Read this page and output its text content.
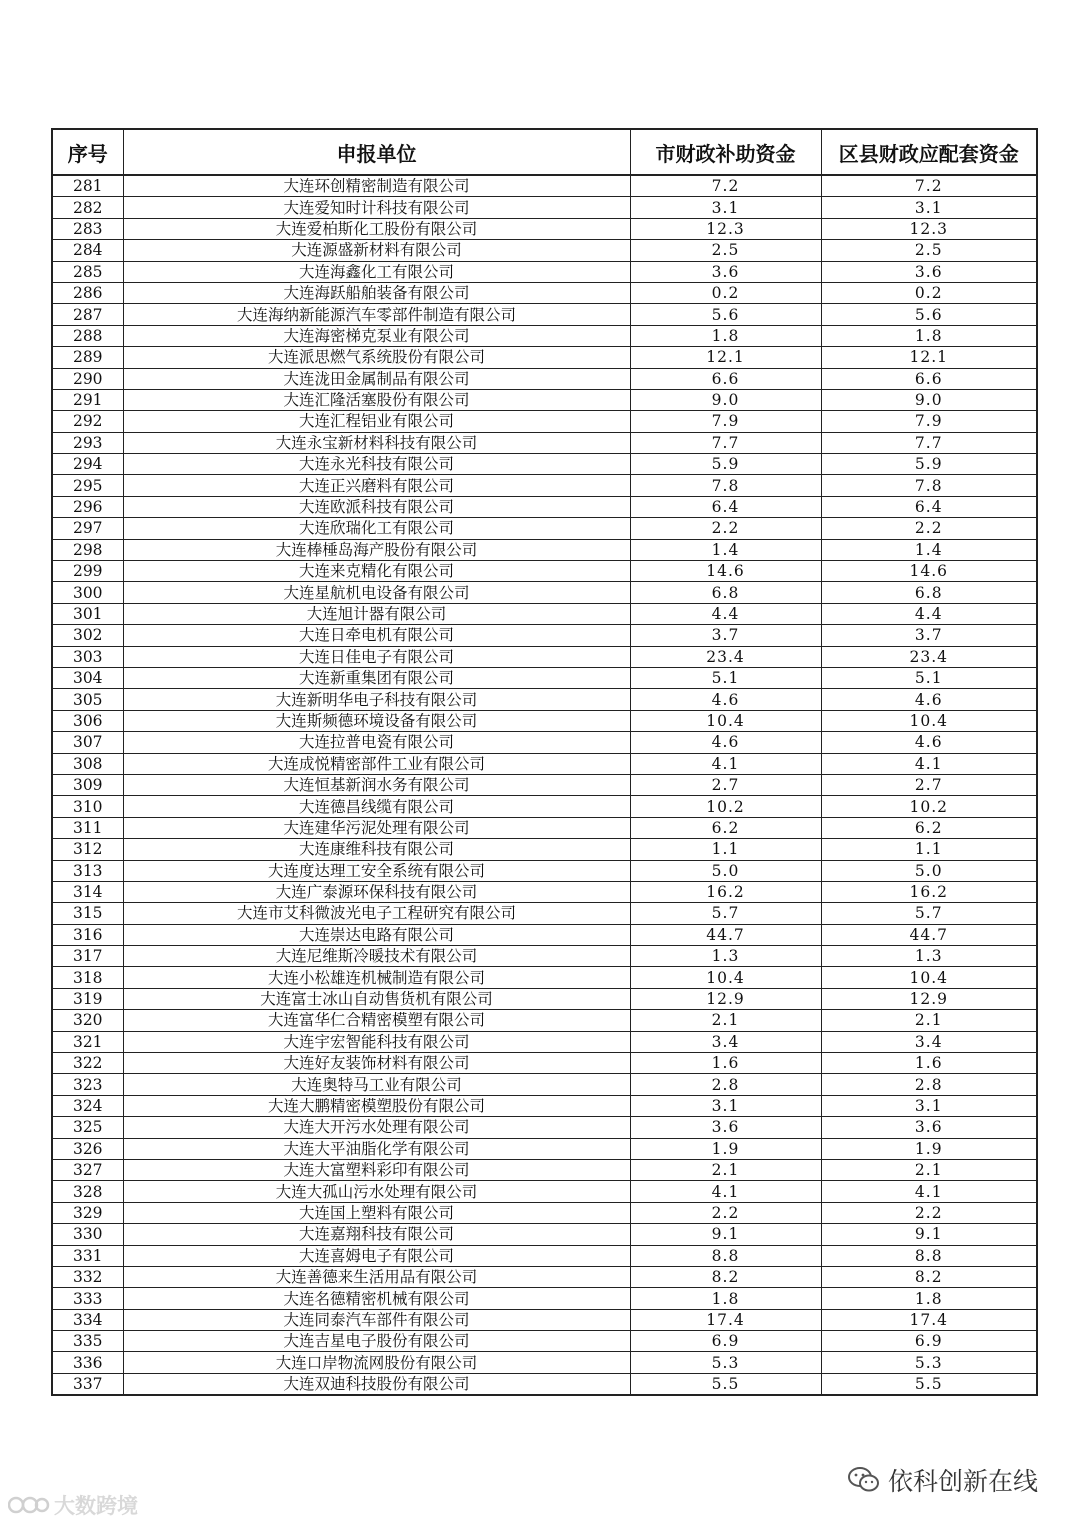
序号	申报单位	市财政补助资金	区县财政应配套资金
281	大连环创精密制造有限公司	7.2	7.2
282	大连爱知时计科技有限公司	3.1	3.1
283	大连爱柏斯化工股份有限公司	12.3	12.3
284	大连源盛新材料有限公司	2.5	2.5
285	大连海鑫化工有限公司	3.6	3.6
286	大连海跃船舶装备有限公司	0.2	0.2
287	大连海纳新能源汽车零部件制造有限公司	5.6	5.6
288	大连海密梯克泵业有限公司	1.8	1.8
289	大连派思燃气系统股份有限公司	12.1	12.1
290	大连泷田金属制品有限公司	6.6	6.6
291	大连汇隆活塞股份有限公司	9.0	9.0
292	大连汇程铝业有限公司	7.9	7.9
293	大连永宝新材料科技有限公司	7.7	7.7
294	大连永光科技有限公司	5.9	5.9
295	大连正兴磨料有限公司	7.8	7.8
296	大连欧派科技有限公司	6.4	6.4
297	大连欣瑞化工有限公司	2.2	2.2
298	大连棒棰岛海产股份有限公司	1.4	1.4
299	大连来克精化有限公司	14.6	14.6
300	大连星航机电设备有限公司	6.8	6.8
301	大连旭计器有限公司	4.4	4.4
302	大连日牵电机有限公司	3.7	3.7
303	大连日佳电子有限公司	23.4	23.4
304	大连新重集团有限公司	5.1	5.1
305	大连新明华电子科技有限公司	4.6	4.6
306	大连斯频德环境设备有限公司	10.4	10.4
307	大连拉普电瓷有限公司	4.6	4.6
308	大连成悦精密部件工业有限公司	4.1	4.1
309	大连恒基新润水务有限公司	2.7	2.7
310	大连德昌线缆有限公司	10.2	10.2
311	大连建华污泥处理有限公司	6.2	6.2
312	大连康维科技有限公司	1.1	1.1
313	大连度达理工安全系统有限公司	5.0	5.0
314	大连广泰源环保科技有限公司	16.2	16.2
315	大连市艾科微波光电子工程研究有限公司	5.7	5.7
316	大连崇达电路有限公司	44.7	44.7
317	大连尼维斯冷暖技术有限公司	1.3	1.3
318	大连小松雄连机械制造有限公司	10.4	10.4
319	大连富士冰山自动售货机有限公司	12.9	12.9
320	大连富华仁合精密模塑有限公司	2.1	2.1
321	大连宇宏智能科技有限公司	3.4	3.4
322	大连好友装饰材料有限公司	1.6	1.6
323	大连奥特马工业有限公司	2.8	2.8
324	大连大鹏精密模塑股份有限公司	3.1	3.1
325	大连大开污水处理有限公司	3.6	3.6
326	大连大平油脂化学有限公司	1.9	1.9
327	大连大富塑料彩印有限公司	2.1	2.1
328	大连大孤山污水处理有限公司	4.1	4.1
329	大连国上塑料有限公司	2.2	2.2
330	大连嘉翔科技有限公司	9.1	9.1
331	大连喜姆电子有限公司	8.8	8.8
332	大连善德来生活用品有限公司	8.2	8.2
333	大连名德精密机械有限公司	1.8	1.8
334	大连同泰汽车部件有限公司	17.4	17.4
335	大连吉星电子股份有限公司	6.9	6.9
336	大连口岸物流网股份有限公司	5.3	5.3
337	大连双迪科技股份有限公司	5.5	5.5
大数跨境
依科创新在线
